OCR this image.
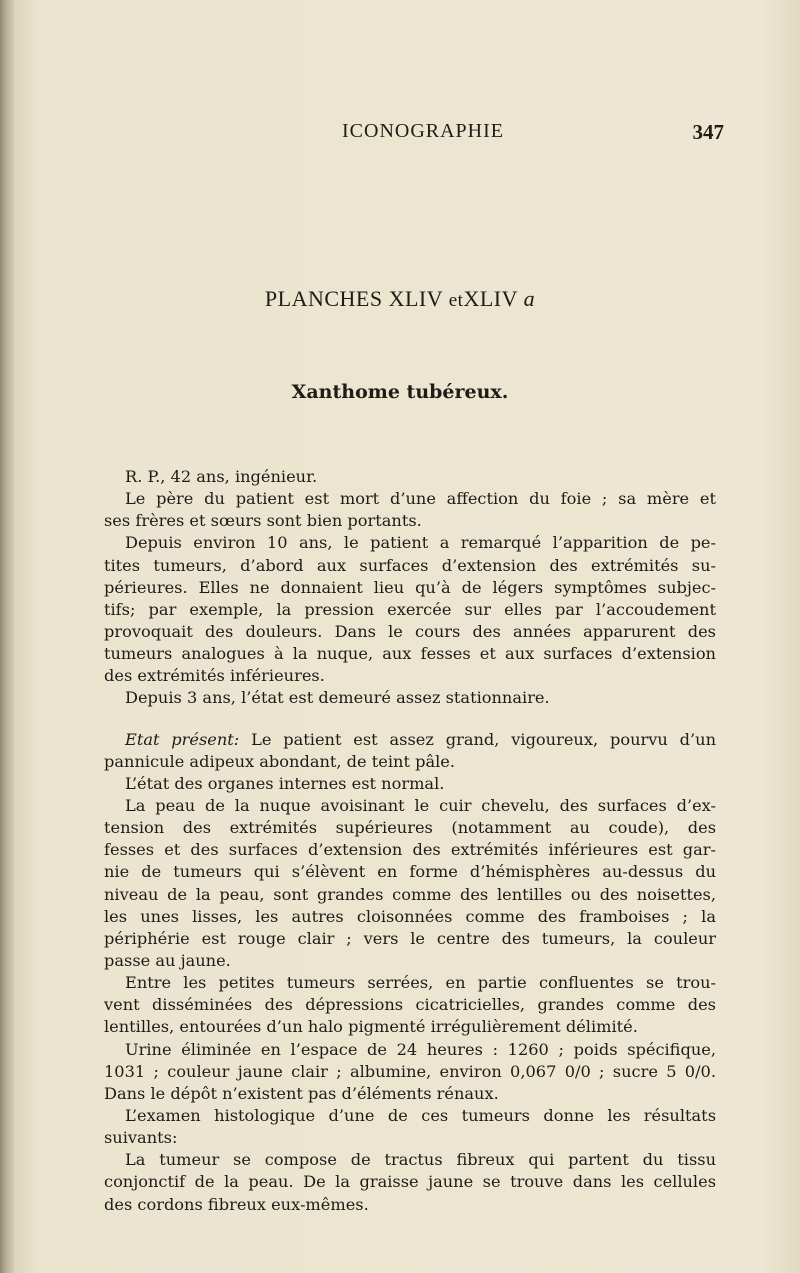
ICONOGRAPHIE	347
PLANCHES XLIV etXLIV a
Xanthome tubéreux.
R. P., 42 ans, ingénieur.
Le père du patient est mort d’une affection du foie ; sa mère et
ses frères et sœurs sont bien portants.
Depuis environ 10 ans, le patient a remarqué l’apparition de pe-
tites tumeurs, d’abord aux surfaces d’extension des extrémités su-
périeures. Elles ne donnaient lieu qu’à de légers symptômes subjec-
tifs; par exemple, la pression exercée sur elles par l’accoudement
provoquait des douleurs. Dans le cours des années apparurent des
tumeurs analogues à la nuque, aux fesses et aux surfaces d’extension
des extrémités inférieures.
Depuis 3 ans, l’état est demeuré assez stationnaire.
Etat présent: Le patient est assez grand, vigoureux, pourvu d’un
pannicule adipeux abondant, de teint pâle.
L’état des organes internes est normal.
La peau de la nuque avoisinant le cuir chevelu, des surfaces d’ex-
tension des extrémités supérieures (notamment au coude), des
fesses et des surfaces d’extension des extrémités inférieures est gar-
nie de tumeurs qui s’élèvent en forme d’hémisphères au-dessus du
niveau de la peau, sont grandes comme des lentilles ou des noisettes,
les unes lisses, les autres cloisonnées comme des framboises ; la
périphérie est rouge clair ; vers le centre des tumeurs, la couleur
passe au jaune.
Entre les petites tumeurs serrées, en partie confluentes se trou-
vent disséminées des dépressions cicatricielles, grandes comme des
lentilles, entourées d’un halo pigmenté irrégulièrement délimité.
Urine éliminée en l’espace de 24 heures : 1260 ; poids spécifique,
1031 ; couleur jaune clair ; albumine, environ 0,067 0/0 ; sucre 5 0/0.
Dans le dépôt n’existent pas d’éléments rénaux.
L’examen histologique d’une de ces tumeurs donne les résultats
suivants:
La tumeur se compose de tractus fibreux qui partent du tissu
conjonctif de la peau. De la graisse jaune se trouve dans les cellules
des cordons fibreux eux-mêmes.
